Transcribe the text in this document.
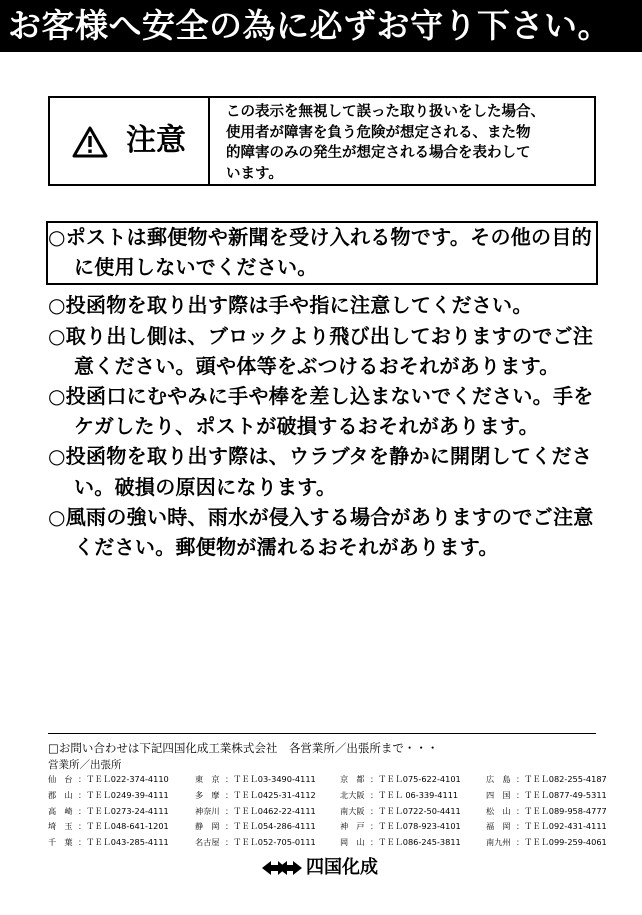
お客様へ安全の為に必ずお守り下さい。
注意
この表示を無視して誤った取り扱いをした場合、
使用者が障害を負う危険が想定される、また物
的障害のみの発生が想定される場合を表わして
います。

○ポストは郵便物や新聞を受け入れる物です。その他の目的に使用しないでください。

○投函物を取り出す際は手や指に注意してください。

○取り出し側は、ブロックより飛び出しておりますのでご注意ください。頭や体等をぶつけるおそれがあります。

○投函口にむやみに手や棒を差し込まないでください。手をケガしたり、ポストが破損するおそれがあります。

○投函物を取り出す際は、ウラブタを静かに開閉してください。破損の原因になります。

○風雨の強い時、雨水が侵入する場合がありますのでご注意ください。郵便物が濡れるおそれがあります。

□お問い合わせは下記四国化成工業株式会社　各営業所／出張所まで・・・
営業所／出張所
仙　台 ：ＴＥＬ022-374-4110
郡　山 ：ＴＥＬ0249-39-4111
高　崎 ：ＴＥＬ0273-24-4111
埼　玉 ：ＴＥＬ048-641-1201
千　葉 ：ＴＥＬ043-285-4111
東　京 ：ＴＥＬ03-3490-4111
多　摩 ：ＴＥＬ0425-31-4112
神奈川 ：ＴＥＬ0462-22-4111
静　岡 ：ＴＥＬ054-286-4111
名古屋 ：ＴＥＬ052-705-0111
京　都 ：ＴＥＬ075-622-4101
北大阪 ：ＴＥＬ 06-339-4111
南大阪 ：ＴＥＬ0722-50-4411
神　戸 ：ＴＥＬ078-923-4101
岡　山 ：ＴＥＬ086-245-3811
広　島 ：ＴＥＬ082-255-4187
四　国 ：ＴＥＬ0877-49-5311
松　山 ：ＴＥＬ089-958-4777
福　岡 ：ＴＥＬ092-431-4111
南九州 ：ＴＥＬ099-259-4061
四国化成
